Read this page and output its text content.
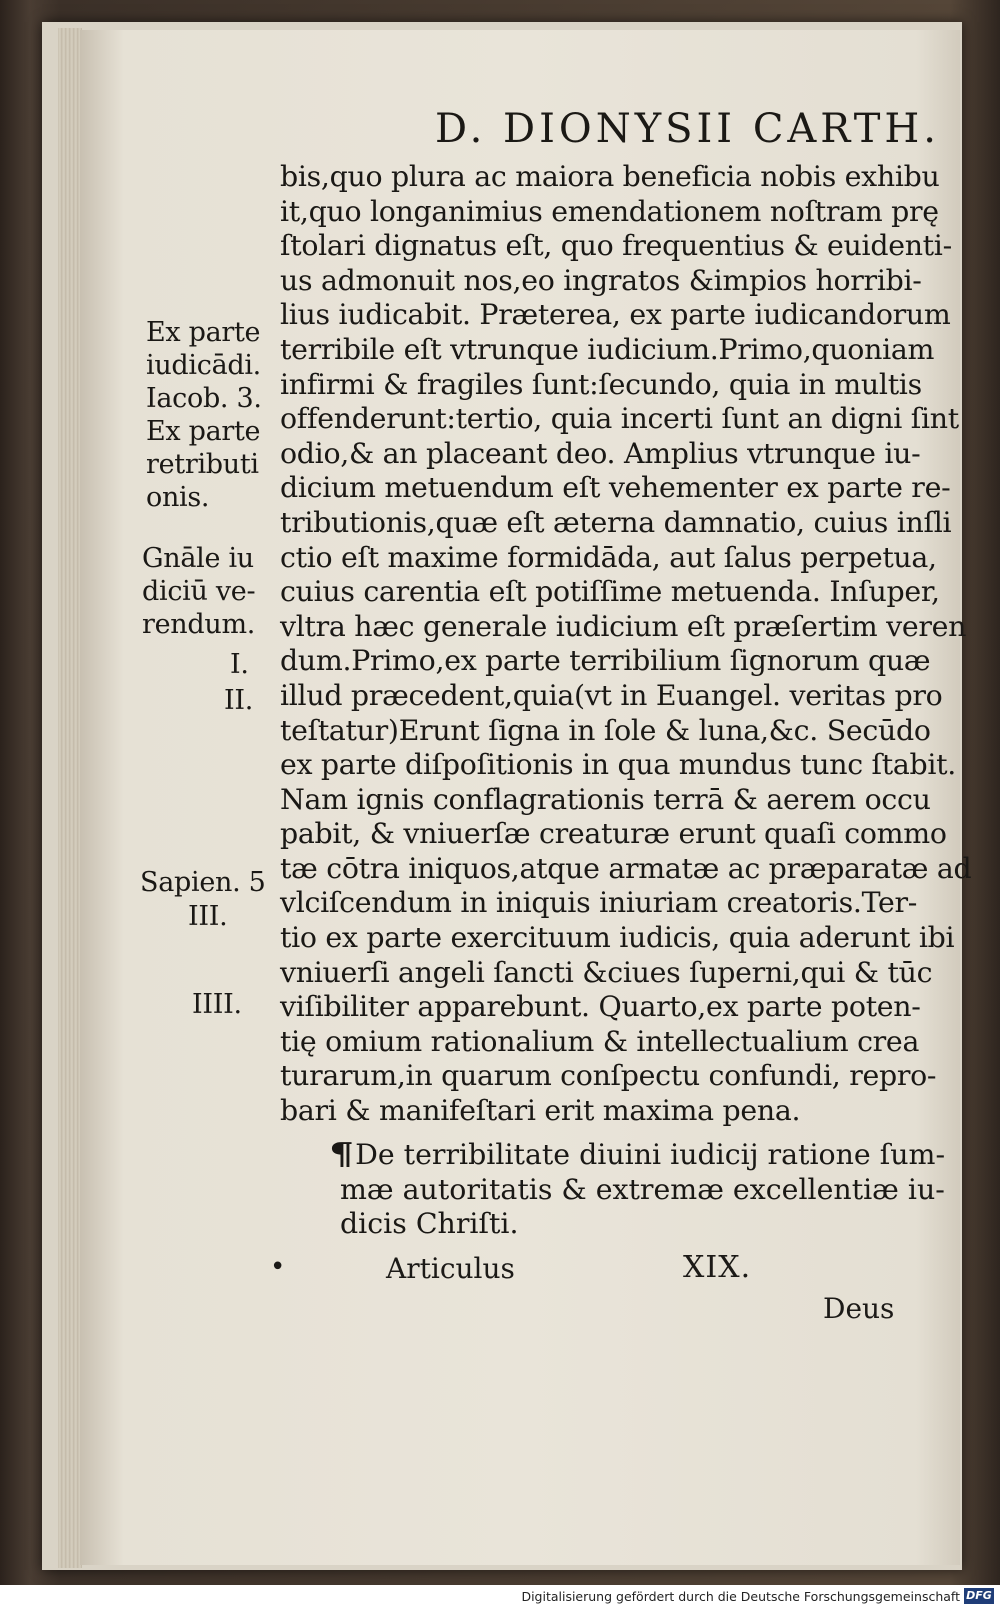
D. DIONYSII CARTH.
bis,quo plura ac maiora beneficia nobis exhibu
it,quo longanimius emendationem noſtram prę
ſtolari dignatus eſt, quo frequentius & euidenti-
us admonuit nos,eo ingratos &impios horribi-
lius iudicabit. Præterea, ex parte iudicandorum
terribile eſt vtrunque iudicium.Primo,quoniam
infirmi & fragiles ſunt:ſecundo, quia in multis
offenderunt:tertio, quia incerti ſunt an digni ſint
odio,& an placeant deo. Amplius vtrunque iu-
dicium metuendum eſt vehementer ex parte re-
tributionis,quæ eſt æterna damnatio, cuius inſli
ctio eſt maxime formidāda, aut ſalus perpetua,
cuius carentia eſt potiſſime metuenda. Inſuper,
vltra hæc generale iudicium eſt præſertim veren
dum.Primo,ex parte terribilium ſignorum quæ
illud præcedent,quia(vt in Euangel. veritas pro
teſtatur)Erunt ſigna in ſole & luna,&c. Secūdo
ex parte diſpoſitionis in qua mundus tunc ſtabit.
Nam ignis conflagrationis terrā & aerem occu
pabit, & vniuerſæ creaturæ erunt quaſi commo
tæ cōtra iniquos,atque armatæ ac præparatæ ad
vlciſcendum in iniquis iniuriam creatoris.Ter-
tio ex parte exercituum iudicis, quia aderunt ibi
vniuerſi angeli ſancti &ciues ſuperni,qui & tūc
viſibiliter apparebunt. Quarto,ex parte poten-
tię omium rationalium & intellectualium crea
turarum,in quarum conſpectu confundi, repro-
bari & manifeſtari erit maxima pena.
Ex parte
iudicādi.
Iacob. 3.
Ex parte
retributi
onis.
Gnāle iu
diciū ve-
rendum.
I.
II.
Sapien. 5
III.
IIII.
¶De terribilitate diuini iudicij ratione ſum-
mæ autoritatis & extremæ excellentiæ iu-
dicis Chriſti.
•	Articulus	XIX.
Deus
Digitalisierung gefördert durch die Deutsche Forschungsgemeinschaft DFG
